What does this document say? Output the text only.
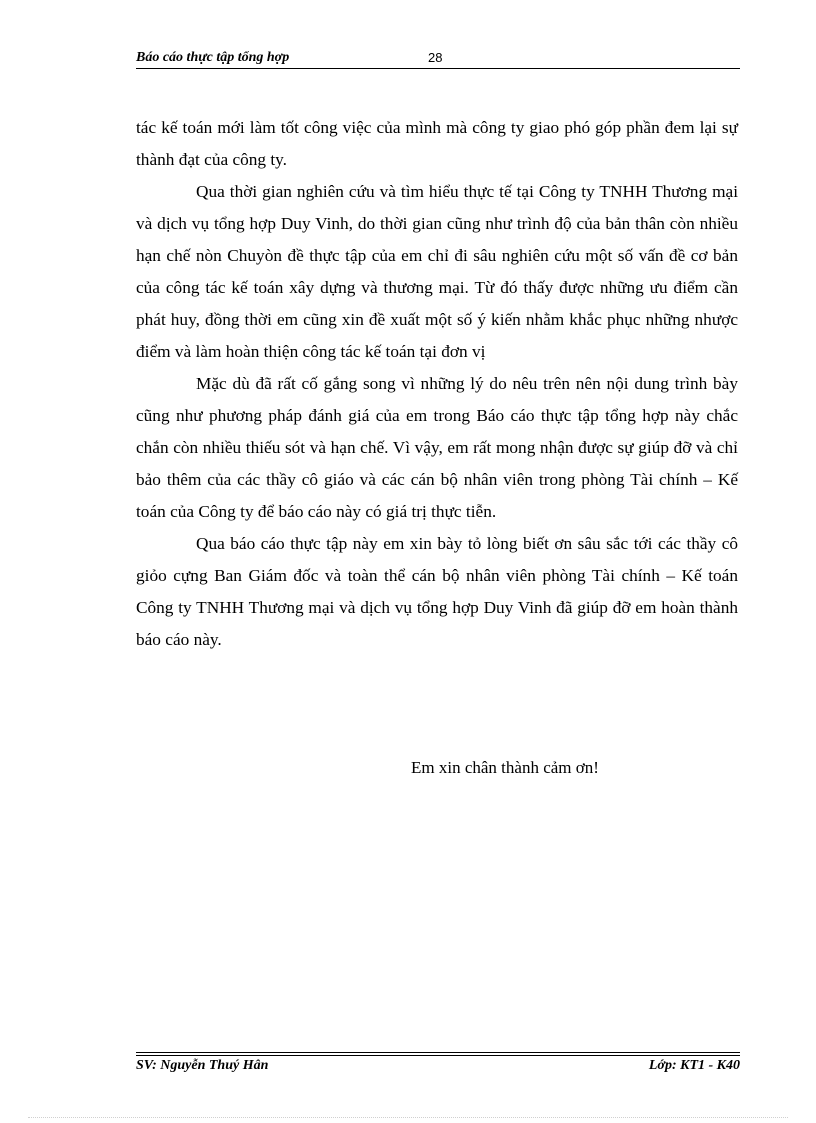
Báo cáo thực tập tổng hợp	28

tác kế toán mới làm tốt công việc của mình mà công ty giao phó góp phần đem lại sự thành đạt của công ty.

Qua thời gian nghiên cứu và tìm hiểu thực tế tại Công ty TNHH Thương mại và dịch vụ tổng hợp Duy Vinh, do thời gian cũng như trình độ của bản thân còn nhiều hạn chế nòn Chuyòn đề thực tập của em chỉ đi sâu nghiên cứu một số vấn đề cơ bản của công tác kế toán xây dựng và thương mại. Từ đó thấy được những ưu điểm cần phát huy, đồng thời em cũng xin đề xuất một số ý kiến nhằm khắc phục những nhược điểm và làm hoàn thiện công tác kế toán tại đơn vị

Mặc dù đã rất cố gắng song vì những lý do nêu trên nên nội dung trình bày cũng như phương pháp đánh giá của em trong Báo cáo thực tập tổng hợp này chắc chắn còn nhiều thiếu sót và hạn chế. Vì vậy, em rất mong nhận được sự giúp đỡ và chỉ bảo thêm của các thầy cô giáo và các cán bộ nhân viên trong phòng Tài chính – Kế toán của Công ty để báo cáo này có giá trị thực tiễn.

Qua báo cáo thực tập này em xin bày tỏ lòng biết ơn sâu sắc tới các thầy cô giỏo cựng Ban Giám đốc và toàn thể cán bộ nhân viên phòng Tài chính – Kế toán Công ty TNHH Thương mại và dịch vụ tổng hợp Duy Vinh đã giúp đỡ em hoàn thành báo cáo này.

Em xin chân thành cảm ơn!
SV: Nguyễn Thuý Hân	Lớp: KT1 - K40
